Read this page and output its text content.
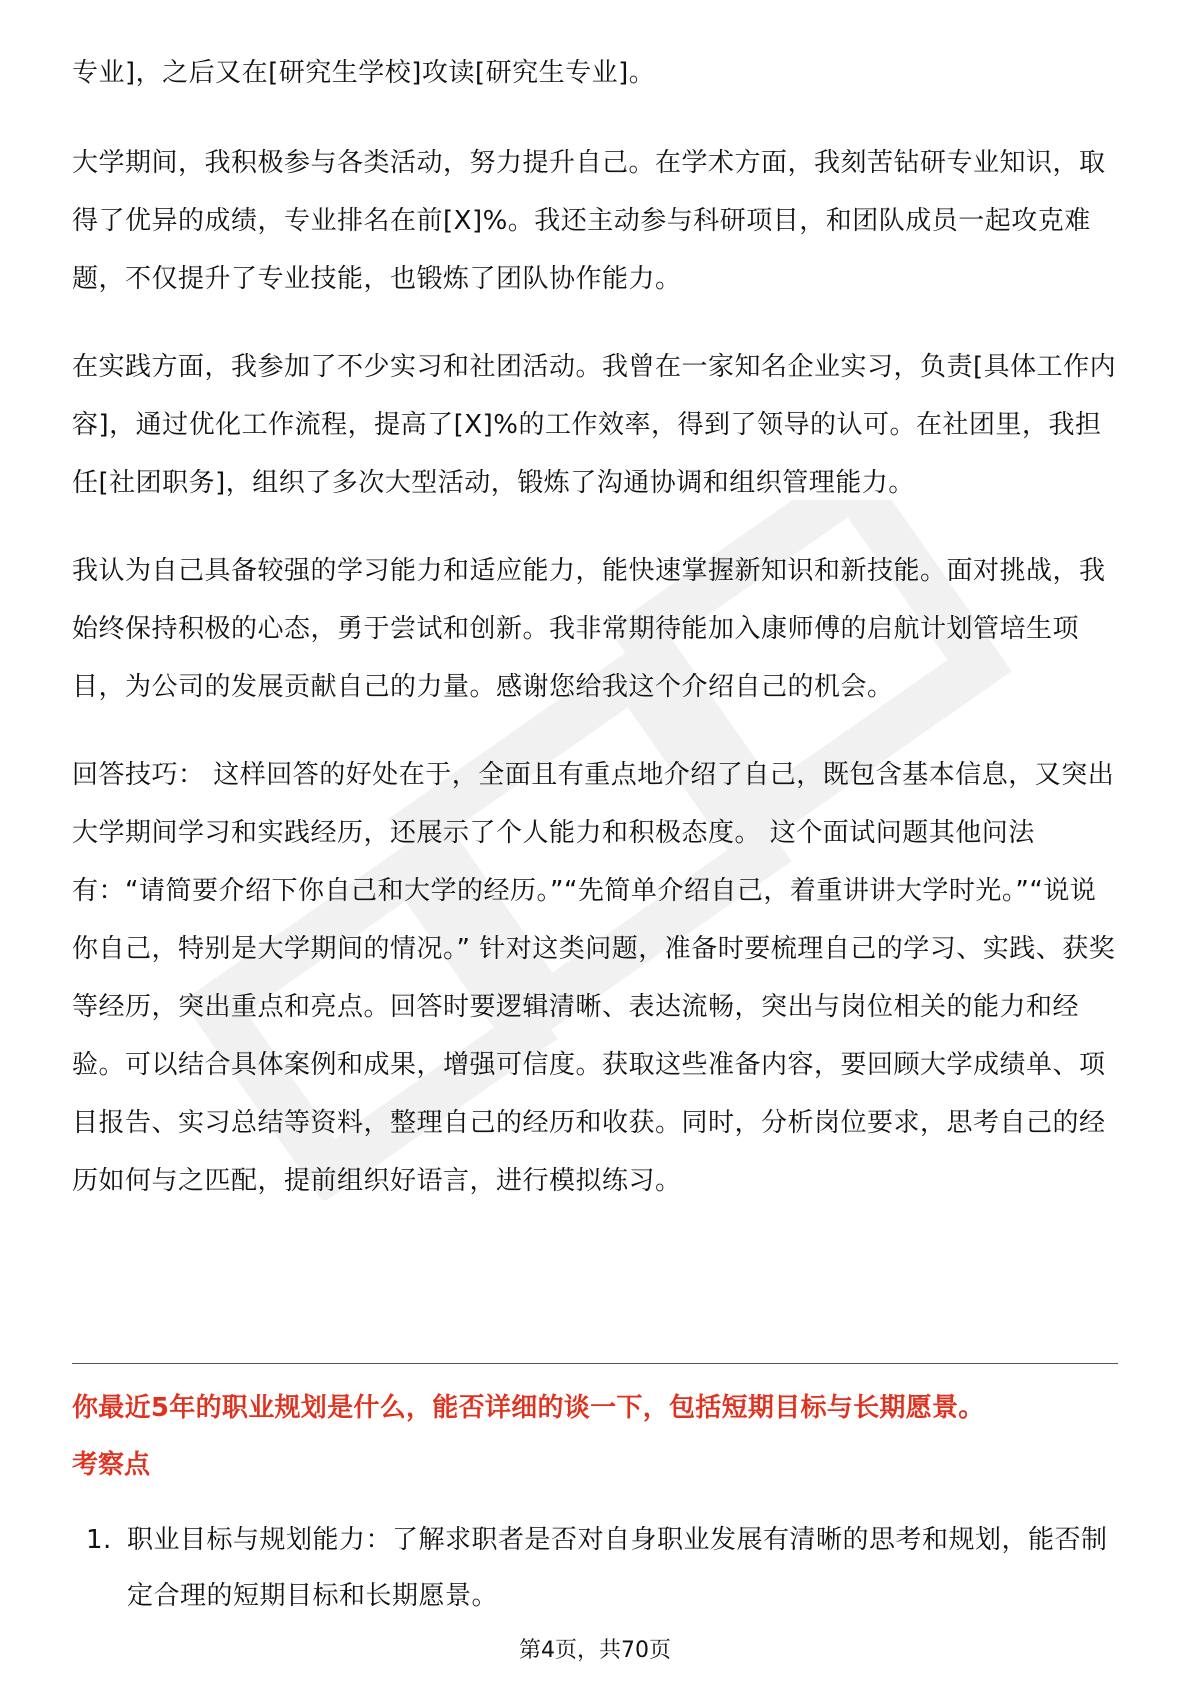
专业]，之后又在[研究生学校]攻读[研究生专业]。

大学期间，我积极参与各类活动，努力提升自己。在学术方面，我刻苦钻研专业知识，取得了优异的成绩，专业排名在前[X]%。我还主动参与科研项目，和团队成员一起攻克难题，不仅提升了专业技能，也锻炼了团队协作能力。

在实践方面，我参加了不少实习和社团活动。我曾在一家知名企业实习，负责[具体工作内容]，通过优化工作流程，提高了[X]%的工作效率，得到了领导的认可。在社团里，我担任[社团职务]，组织了多次大型活动，锻炼了沟通协调和组织管理能力。

我认为自己具备较强的学习能力和适应能力，能快速掌握新知识和新技能。面对挑战，我始终保持积极的心态，勇于尝试和创新。我非常期待能加入康师傅的启航计划管培生项目，为公司的发展贡献自己的力量。感谢您给我这个介绍自己的机会。

回答技巧： 这样回答的好处在于，全面且有重点地介绍了自己，既包含基本信息，又突出大学期间学习和实践经历，还展示了个人能力和积极态度。 这个面试问题其他问法有：“请简要介绍下你自己和大学的经历。”“先简单介绍自己，着重讲讲大学时光。”“说说你自己，特别是大学期间的情况。” 针对这类问题，准备时要梳理自己的学习、实践、获奖等经历，突出重点和亮点。回答时要逻辑清晰、表达流畅，突出与岗位相关的能力和经验。可以结合具体案例和成果，增强可信度。获取这些准备内容，要回顾大学成绩单、项目报告、实习总结等资料，整理自己的经历和收获。同时，分析岗位要求，思考自己的经历如何与之匹配，提前组织好语言，进行模拟练习。

你最近5年的职业规划是什么，能否详细的谈一下，包括短期目标与长期愿景。
考察点
1. 职业目标与规划能力：了解求职者是否对自身职业发展有清晰的思考和规划，能否制定合理的短期目标和长期愿景。
第4页，共70页
